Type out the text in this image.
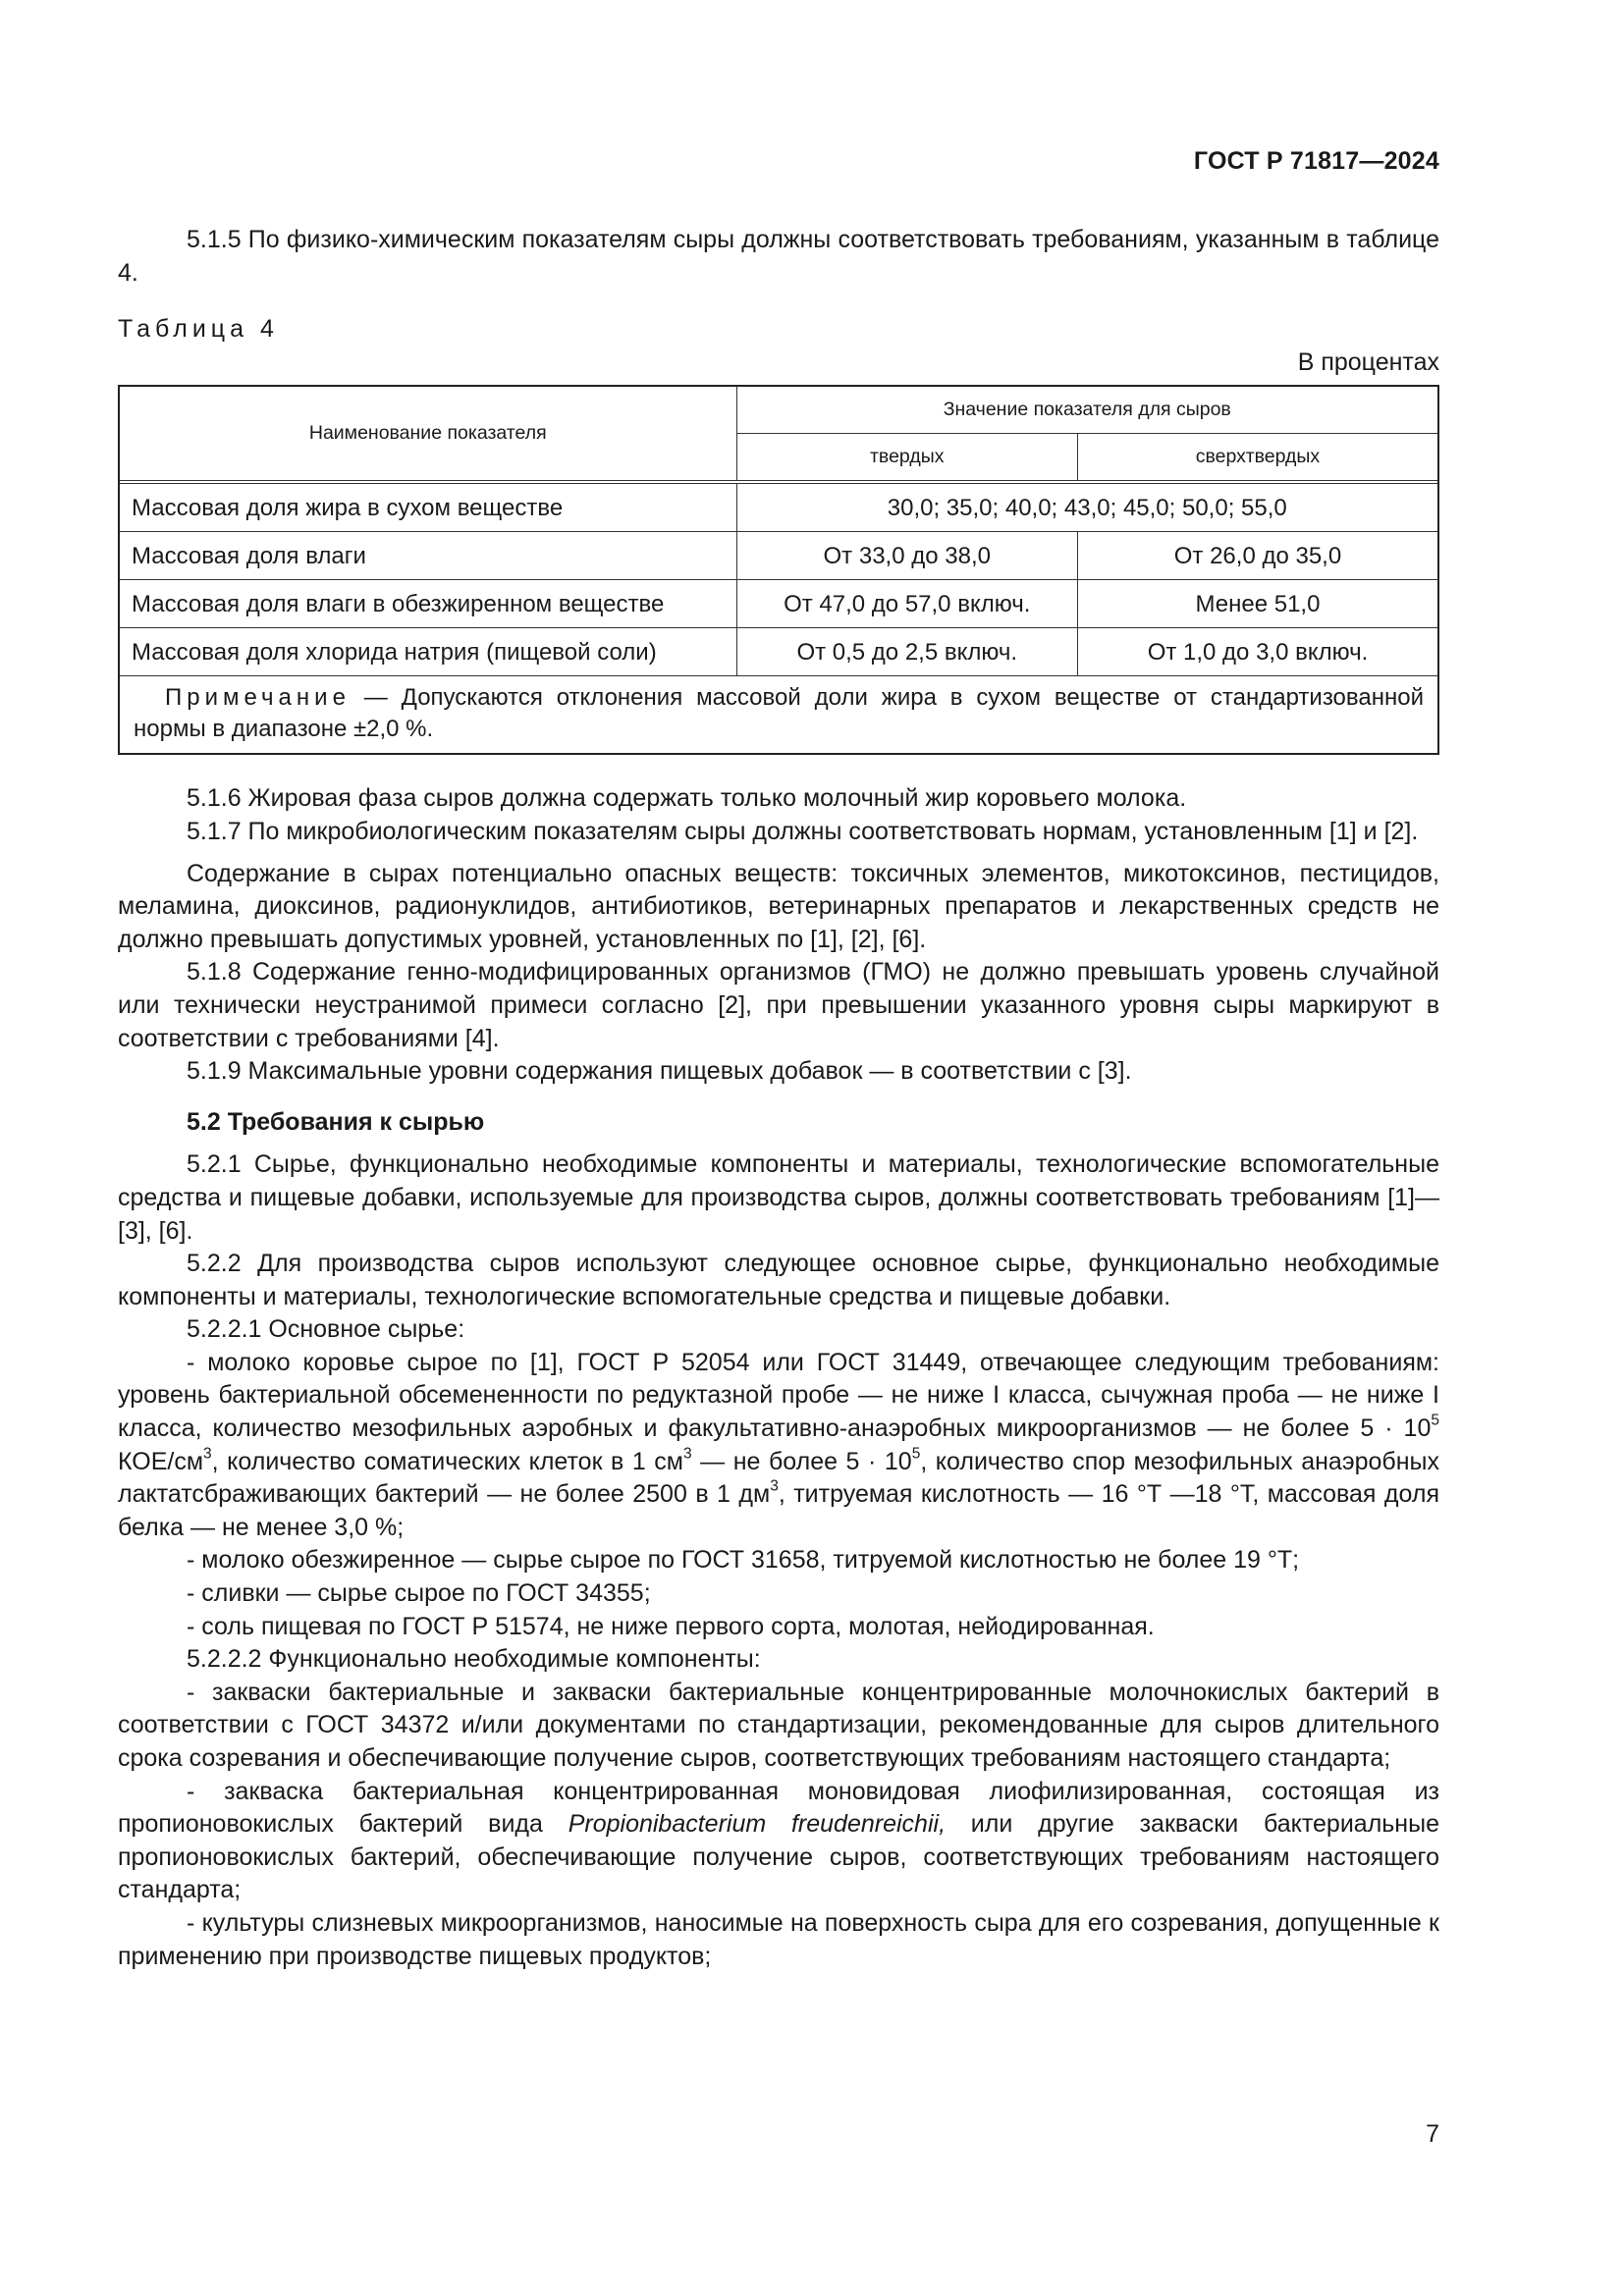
ГОСТ Р 71817—2024

5.1.5 По физико-химическим показателям сыры должны соответствовать требованиям, указанным в таблице 4.

Таблица 4

В процентах

Наименование показателя	Значение показателя для сыров	
	твердых	сверхтвердых

Массовая доля жира в сухом веществе	30,0; 35,0; 40,0; 43,0; 45,0; 50,0; 55,0	
Массовая доля влаги	От 33,0 до 38,0	От 26,0 до 35,0
Массовая доля влаги в обезжиренном веществе	От 47,0 до 57,0 включ.	Менее 51,0
Массовая доля хлорида натрия (пищевой соли)	От 0,5 до 2,5 включ.	От 1,0 до 3,0 включ.
Примечание — Допускаются отклонения массовой доли жира в сухом веществе от стандартизованной нормы в диапазоне ±2,0 %.		

5.1.6 Жировая фаза сыров должна содержать только молочный жир коровьего молока.

5.1.7 По микробиологическим показателям сыры должны соответствовать нормам, установленным [1] и [2].

Содержание в сырах потенциально опасных веществ: токсичных элементов, микотоксинов, пестицидов, меламина, диоксинов, радионуклидов, антибиотиков, ветеринарных препаратов и лекарственных средств не должно превышать допустимых уровней, установленных по [1], [2], [6].

5.1.8 Содержание генно-модифицированных организмов (ГМО) не должно превышать уровень случайной или технически неустранимой примеси согласно [2], при превышении указанного уровня сыры маркируют в соответствии с требованиями [4].

5.1.9 Максимальные уровни содержания пищевых добавок — в соответствии с [3].

5.2 Требования к сырью

5.2.1 Сырье, функционально необходимые компоненты и материалы, технологические вспомогательные средства и пищевые добавки, используемые для производства сыров, должны соответствовать требованиям [1]—[3], [6].

5.2.2 Для производства сыров используют следующее основное сырье, функционально необходимые компоненты и материалы, технологические вспомогательные средства и пищевые добавки.

5.2.2.1 Основное сырье:

- молоко коровье сырое по [1], ГОСТ Р 52054 или ГОСТ 31449, отвечающее следующим требованиям: уровень бактериальной обсемененности по редуктазной пробе — не ниже I класса, сычужная проба — не ниже I класса, количество мезофильных аэробных и факультативно-анаэробных микроорганизмов — не более $5 \cdot 10^5$ КОЕ/$см^3$, количество соматических клеток в 1 $см^3$ — не более $5 \cdot 10^5$, количество спор мезофильных анаэробных лактатсбраживающих бактерий — не более 2500 в 1 $дм^3$, титруемая кислотность — 16 °Т —18 °Т, массовая доля белка — не менее 3,0 %;

- молоко обезжиренное — сырье сырое по ГОСТ 31658, титруемой кислотностью не более 19 °Т;

- сливки — сырье сырое по ГОСТ 34355;

- соль пищевая по ГОСТ Р 51574, не ниже первого сорта, молотая, нейодированная.

5.2.2.2 Функционально необходимые компоненты:

- закваски бактериальные и закваски бактериальные концентрированные молочнокислых бактерий в соответствии с ГОСТ 34372 и/или документами по стандартизации, рекомендованные для сыров длительного срока созревания и обеспечивающие получение сыров, соответствующих требованиям настоящего стандарта;

- закваска бактериальная концентрированная моновидовая лиофилизированная, состоящая из пропионовокислых бактерий вида Propionibacterium freudenreichii, или другие закваски бактериальные пропионовокислых бактерий, обеспечивающие получение сыров, соответствующих требованиям настоящего стандарта;

- культуры слизневых микроорганизмов, наносимые на поверхность сыра для его созревания, допущенные к применению при производстве пищевых продуктов;

7
